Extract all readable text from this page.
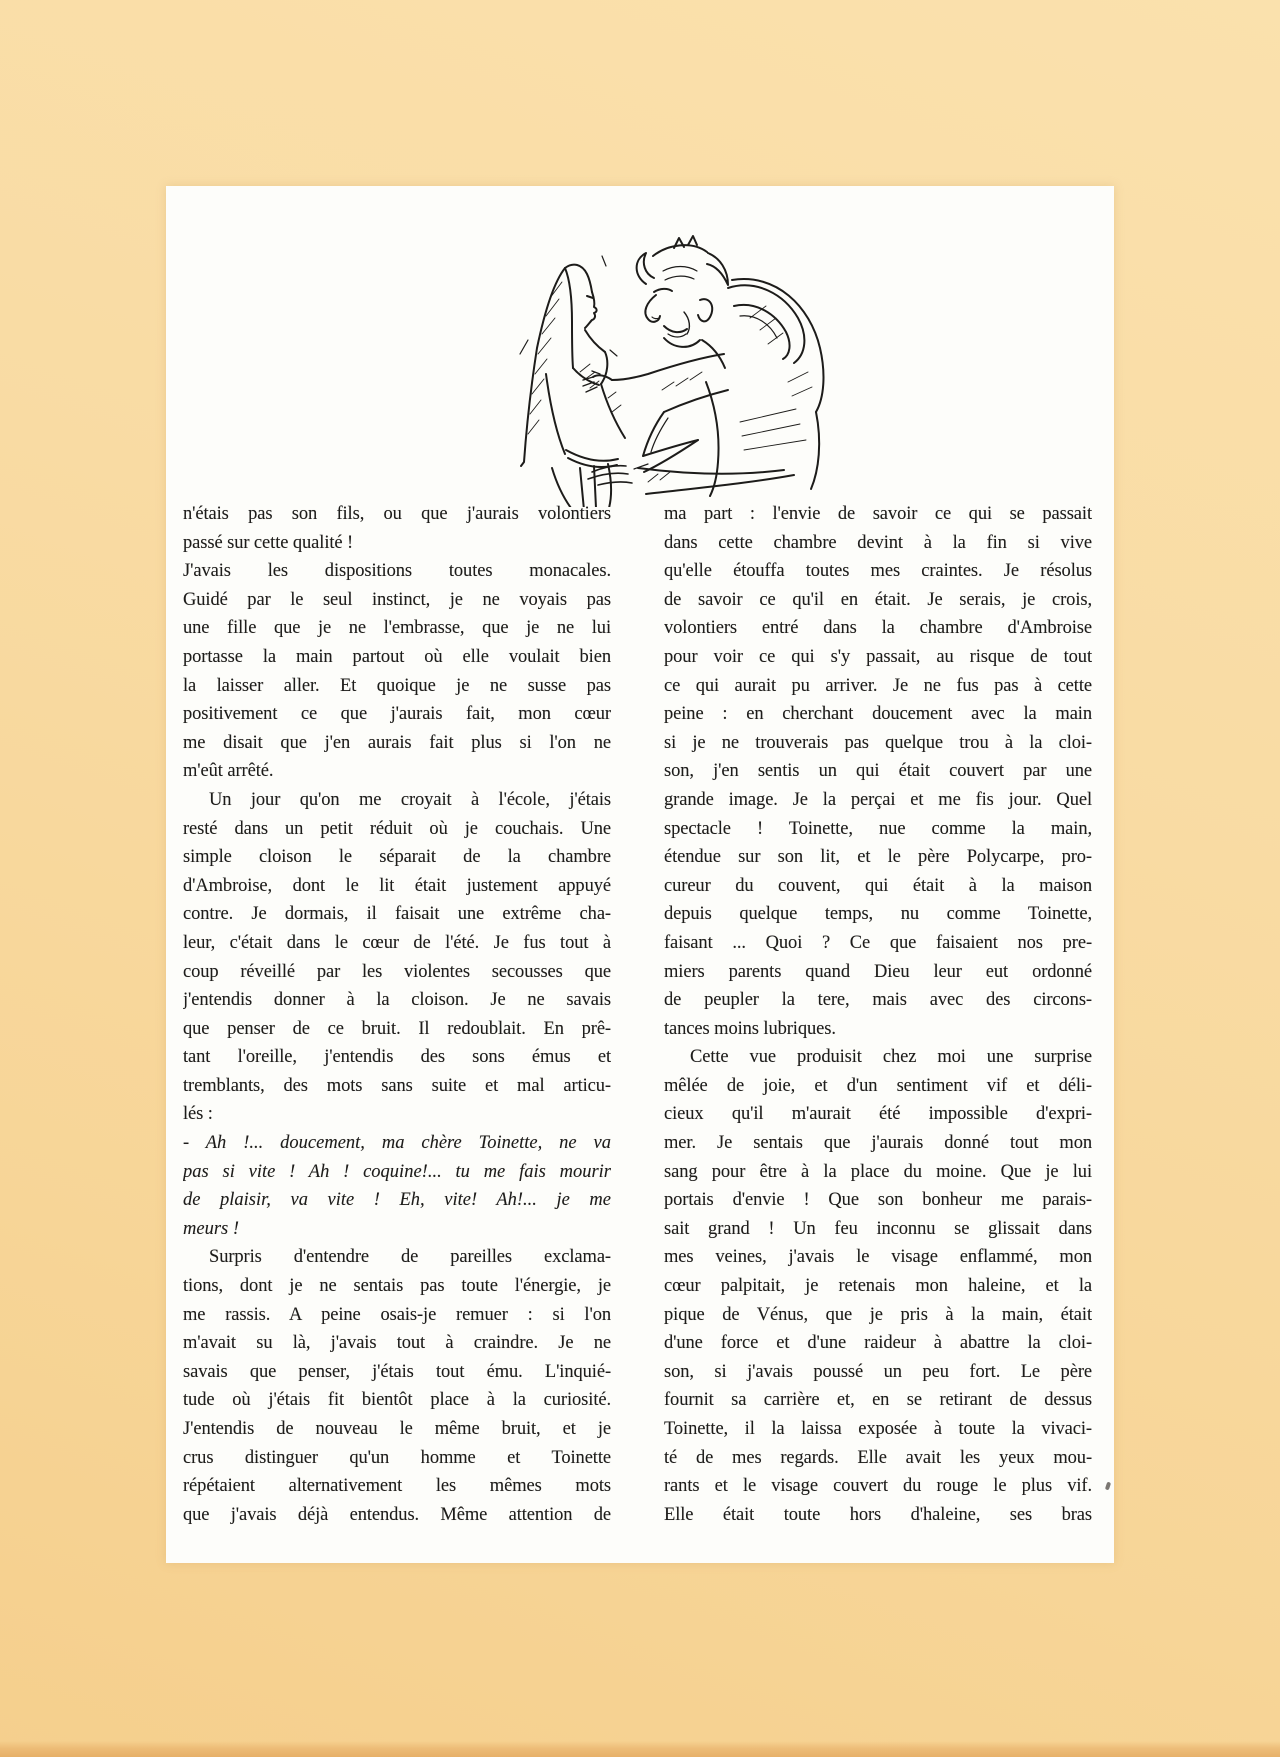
n'étais pas son fils, ou que j'aurais volontiers
passé sur cette qualité !
J'avais les dispositions toutes monacales.
Guidé par le seul instinct, je ne voyais pas
une fille que je ne l'embrasse, que je ne lui
portasse la main partout où elle voulait bien
la laisser aller. Et quoique je ne susse pas
positivement ce que j'aurais fait, mon cœur
me disait que j'en aurais fait plus si l'on ne
m'eût arrêté.
Un jour qu'on me croyait à l'école, j'étais
resté dans un petit réduit où je couchais. Une
simple cloison le séparait de la chambre
d'Ambroise, dont le lit était justement appuyé
contre. Je dormais, il faisait une extrême cha-
leur, c'était dans le cœur de l'été. Je fus tout à
coup réveillé par les violentes secousses que
j'entendis donner à la cloison. Je ne savais
que penser de ce bruit. Il redoublait. En prê-
tant l'oreille, j'entendis des sons émus et
tremblants, des mots sans suite et mal articu-
lés :
- Ah !... doucement, ma chère Toinette, ne va
pas si vite ! Ah ! coquine!... tu me fais mourir
de plaisir, va vite ! Eh, vite! Ah!... je me
meurs !
Surpris d'entendre de pareilles exclama-
tions, dont je ne sentais pas toute l'énergie, je
me rassis. A peine osais-je remuer : si l'on
m'avait su là, j'avais tout à craindre. Je ne
savais que penser, j'étais tout ému. L'inquié-
tude où j'étais fit bientôt place à la curiosité.
J'entendis de nouveau le même bruit, et je
crus distinguer qu'un homme et Toinette
répétaient alternativement les mêmes mots
que j'avais déjà entendus. Même attention de
ma part : l'envie de savoir ce qui se passait
dans cette chambre devint à la fin si vive
qu'elle étouffa toutes mes craintes. Je résolus
de savoir ce qu'il en était. Je serais, je crois,
volontiers entré dans la chambre d'Ambroise
pour voir ce qui s'y passait, au risque de tout
ce qui aurait pu arriver. Je ne fus pas à cette
peine : en cherchant doucement avec la main
si je ne trouverais pas quelque trou à la cloi-
son, j'en sentis un qui était couvert par une
grande image. Je la perçai et me fis jour. Quel
spectacle ! Toinette, nue comme la main,
étendue sur son lit, et le père Polycarpe, pro-
cureur du couvent, qui était à la maison
depuis quelque temps, nu comme Toinette,
faisant ... Quoi ? Ce que faisaient nos pre-
miers parents quand Dieu leur eut ordonné
de peupler la tere, mais avec des circons-
tances moins lubriques.
Cette vue produisit chez moi une surprise
mêlée de joie, et d'un sentiment vif et déli-
cieux qu'il m'aurait été impossible d'expri-
mer. Je sentais que j'aurais donné tout mon
sang pour être à la place du moine. Que je lui
portais d'envie ! Que son bonheur me parais-
sait grand ! Un feu inconnu se glissait dans
mes veines, j'avais le visage enflammé, mon
cœur palpitait, je retenais mon haleine, et la
pique de Vénus, que je pris à la main, était
d'une force et d'une raideur à abattre la cloi-
son, si j'avais poussé un peu fort. Le père
fournit sa carrière et, en se retirant de dessus
Toinette, il la laissa exposée à toute la vivaci-
té de mes regards. Elle avait les yeux mou-
rants et le visage couvert du rouge le plus vif.
Elle était toute hors d'haleine, ses bras
